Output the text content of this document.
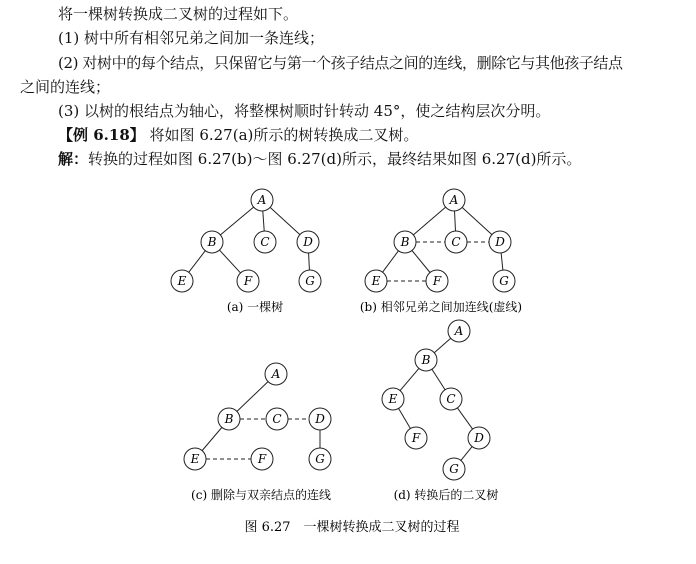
将一棵树转换成二叉树的过程如下。
(1) 树中所有相邻兄弟之间加一条连线；
(2) 对树中的每个结点，只保留它与第一个孩子结点之间的连线，删除它与其他孩子结点
之间的连线；
(3) 以树的根结点为轴心，将整棵树顺时针转动 45°，使之结构层次分明。
【例 6.18】 将如图 6.27(a)所示的树转换成二叉树。
解：转换的过程如图 6.27(b)～图 6.27(d)所示，最终结果如图 6.27(d)所示。
A
B	C	D
E	F	G
(a) 一棵树
A
B	C	D
E	F	G
(b) 相邻兄弟之间加连线(虚线)
A
B	C	D
E	F	G
(c) 删除与双亲结点的连线
A
B
C
D
E
F
G
(d) 转换后的二叉树
图 6.27　一棵树转换成二叉树的过程
